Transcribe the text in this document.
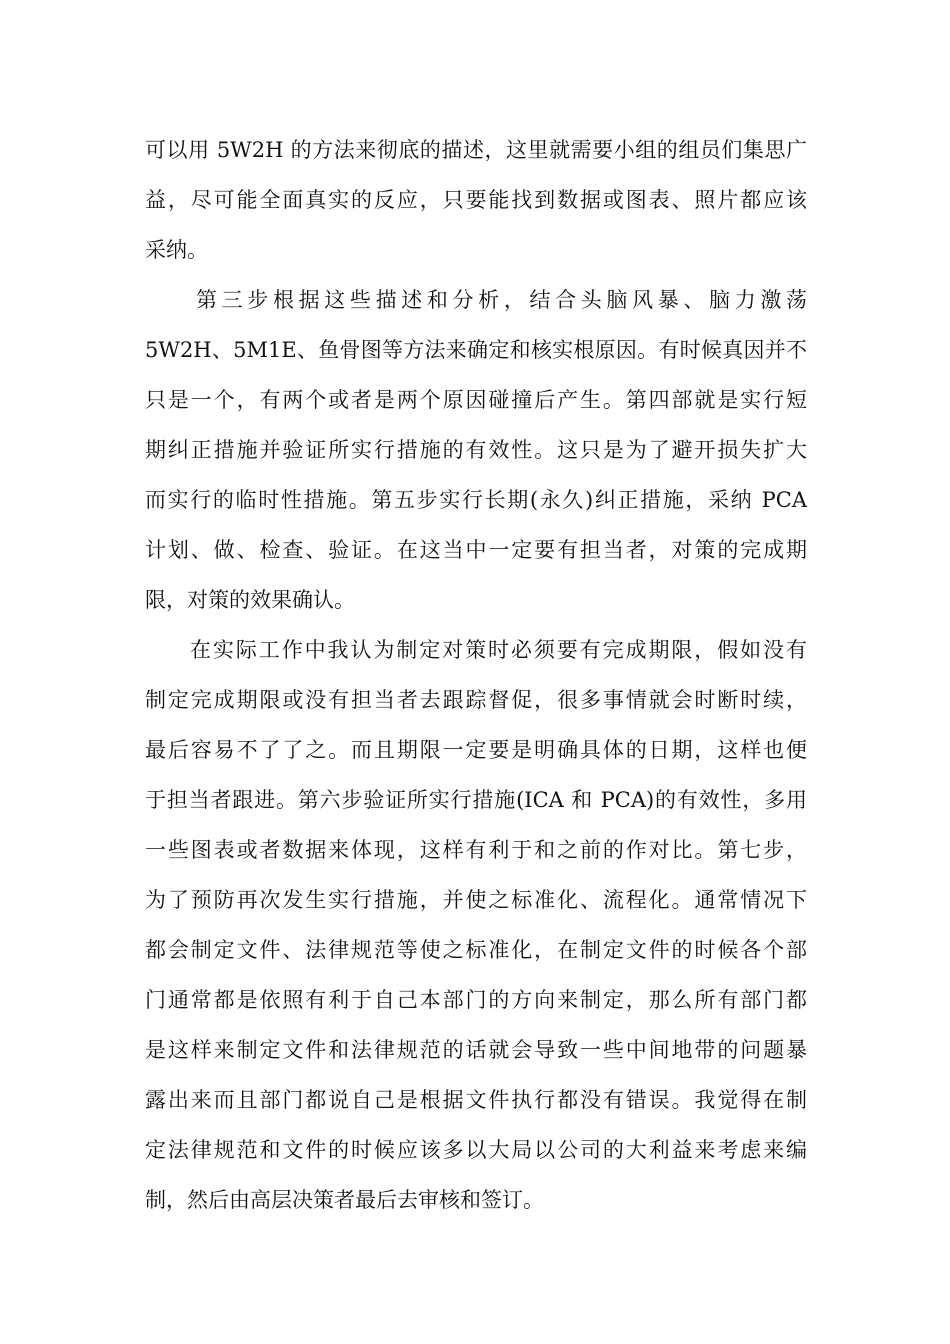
可以用 5W2H 的方法来彻底的描述，这里就需要小组的组员们集思广
益，尽可能全面真实的反应，只要能找到数据或图表、照片都应该
采纳。
第三步根据这些描述和分析，结合头脑风暴、脑力激荡
5W2H、5M1E、鱼骨图等方法来确定和核实根原因。有时候真因并不
只是一个，有两个或者是两个原因碰撞后产生。第四部就是实行短
期纠正措施并验证所实行措施的有效性。这只是为了避开损失扩大
而实行的临时性措施。第五步实行长期(永久)纠正措施，采纳 PCA
计划、做、检查、验证。在这当中一定要有担当者，对策的完成期
限，对策的效果确认。
在实际工作中我认为制定对策时必须要有完成期限，假如没有
制定完成期限或没有担当者去跟踪督促，很多事情就会时断时续，
最后容易不了了之。而且期限一定要是明确具体的日期，这样也便
于担当者跟进。第六步验证所实行措施(ICA 和 PCA)的有效性，多用
一些图表或者数据来体现，这样有利于和之前的作对比。第七步，
为了预防再次发生实行措施，并使之标准化、流程化。通常情况下
都会制定文件、法律规范等使之标准化，在制定文件的时候各个部
门通常都是依照有利于自己本部门的方向来制定，那么所有部门都
是这样来制定文件和法律规范的话就会导致一些中间地带的问题暴
露出来而且部门都说自己是根据文件执行都没有错误。我觉得在制
定法律规范和文件的时候应该多以大局以公司的大利益来考虑来编
制，然后由高层决策者最后去审核和签订。
